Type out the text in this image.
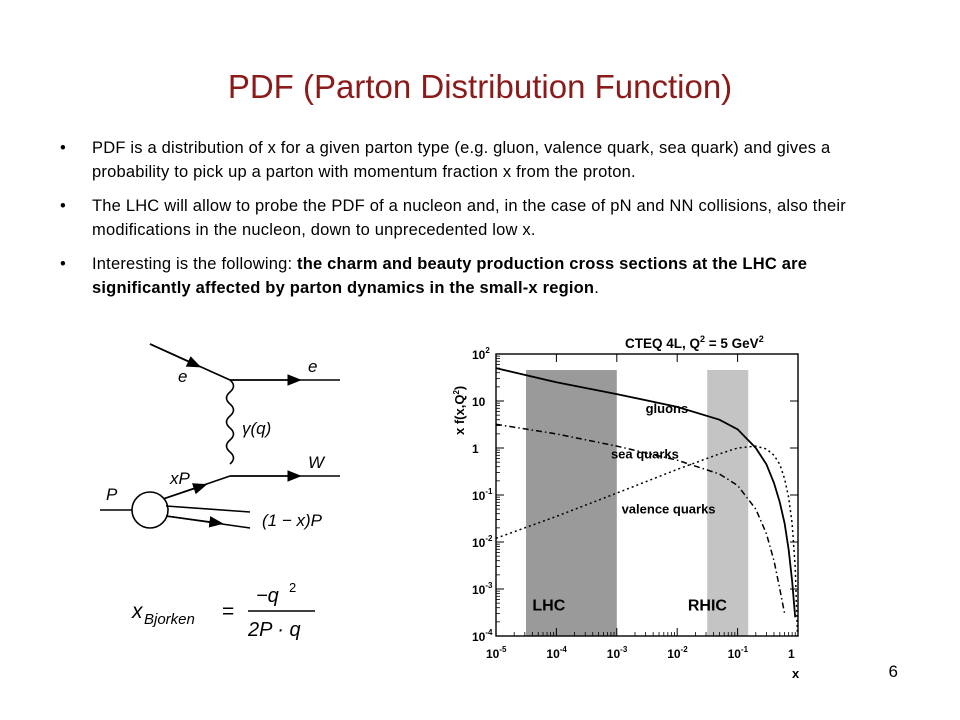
PDF (Parton Distribution Function)
•	PDF is a distribution of x for a given parton type (e.g. gluon, valence quark, sea quark) and gives a probability to pick up a parton with momentum fraction x from the proton.
•	The LHC will allow to probe the PDF of a nucleon and, in the case of pN and NN collisions, also their modifications in the nucleon, down to unprecedented low x.
•	Interesting is the following: the charm and beauty production cross sections at the LHC are significantly affected by parton dynamics in the small-x region.
e
e
γ(q)
W
xP
P
(1 − x)P
x Bjorken =
−q 2
2P · q
$10^{-5}$	$10^{-4}$	$10^{-3}$	$10^{-2}$	$10^{-1}$	1
$10^2$
10
1
$10^{-1}$
$10^{-2}$
$10^{-3}$
$10^{-4}$
gluons
sea quarks
valence quarks
LHC	RHIC
CTEQ 4L, $Q^2 = 5$ GeV$^2$
x $f(x,Q^2)$
x	6
